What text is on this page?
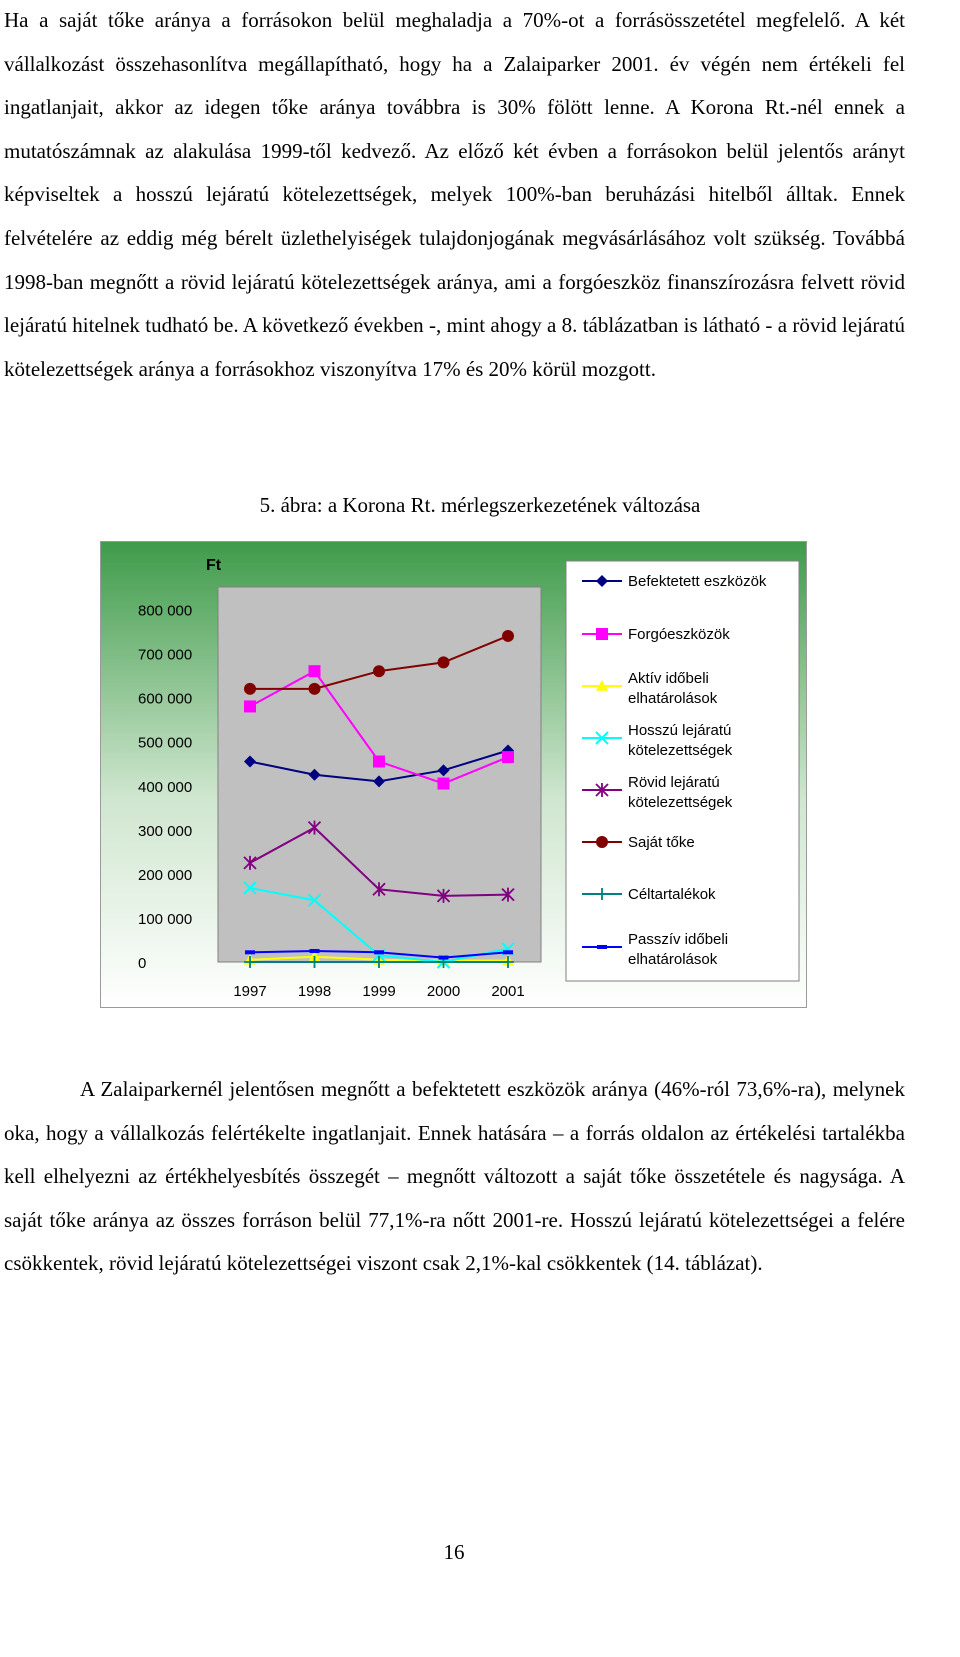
Ha a saját tőke aránya a forrásokon belül meghaladja a 70%-ot a forrásösszetétel megfelelő. A két vállalkozást összehasonlítva megállapítható, hogy ha a Zalaiparker 2001. év végén nem értékeli fel ingatlanjait, akkor az idegen tőke aránya továbbra is 30% fölött lenne. A Korona Rt.-nél ennek a mutatószámnak az alakulása 1999-től kedvező. Az előző két évben a forrásokon belül jelentős arányt képviseltek a hosszú lejáratú kötelezettségek, melyek 100%-ban beruházási hitelből álltak. Ennek felvételére az eddig még bérelt üzlethelyiségek tulajdonjogának megvásárlásához volt szükség. Továbbá 1998-ban megnőtt a rövid lejáratú kötelezettségek aránya, ami a forgóeszköz finanszírozásra felvett rövid lejáratú hitelnek tudható be. A következő években -, mint ahogy a 8. táblázatban is látható - a rövid lejáratú kötelezettségek aránya a forrásokhoz viszonyítva 17% és 20% körül mozgott.

5. ábra: a Korona Rt. mérlegszerkezetének változása

Ft
0
100 000
200 000
300 000
400 000
500 000
600 000
700 000
800 000
1997 1998 1999 2000 2001
Befektetett eszközök
Forgóeszközök
Aktív időbeli elhatárolások
Hosszú lejáratú kötelezettségek
Rövid lejáratú kötelezettségek
Saját tőke
Céltartalékok
Passzív időbeli elhatárolások

A Zalaiparkernél jelentősen megnőtt a befektetett eszközök aránya (46%-ról 73,6%-ra), melynek oka, hogy a vállalkozás felértékelte ingatlanjait. Ennek hatására – a forrás oldalon az értékelési tartalékba kell elhelyezni az értékhelyesbítés összegét – megnőtt változott a saját tőke összetétele és nagysága. A saját tőke aránya az összes forráson belül 77,1%-ra nőtt 2001-re. Hosszú lejáratú kötelezettségei a felére csökkentek, rövid lejáratú kötelezettségei viszont csak 2,1%-kal csökkentek (14. táblázat).

16
